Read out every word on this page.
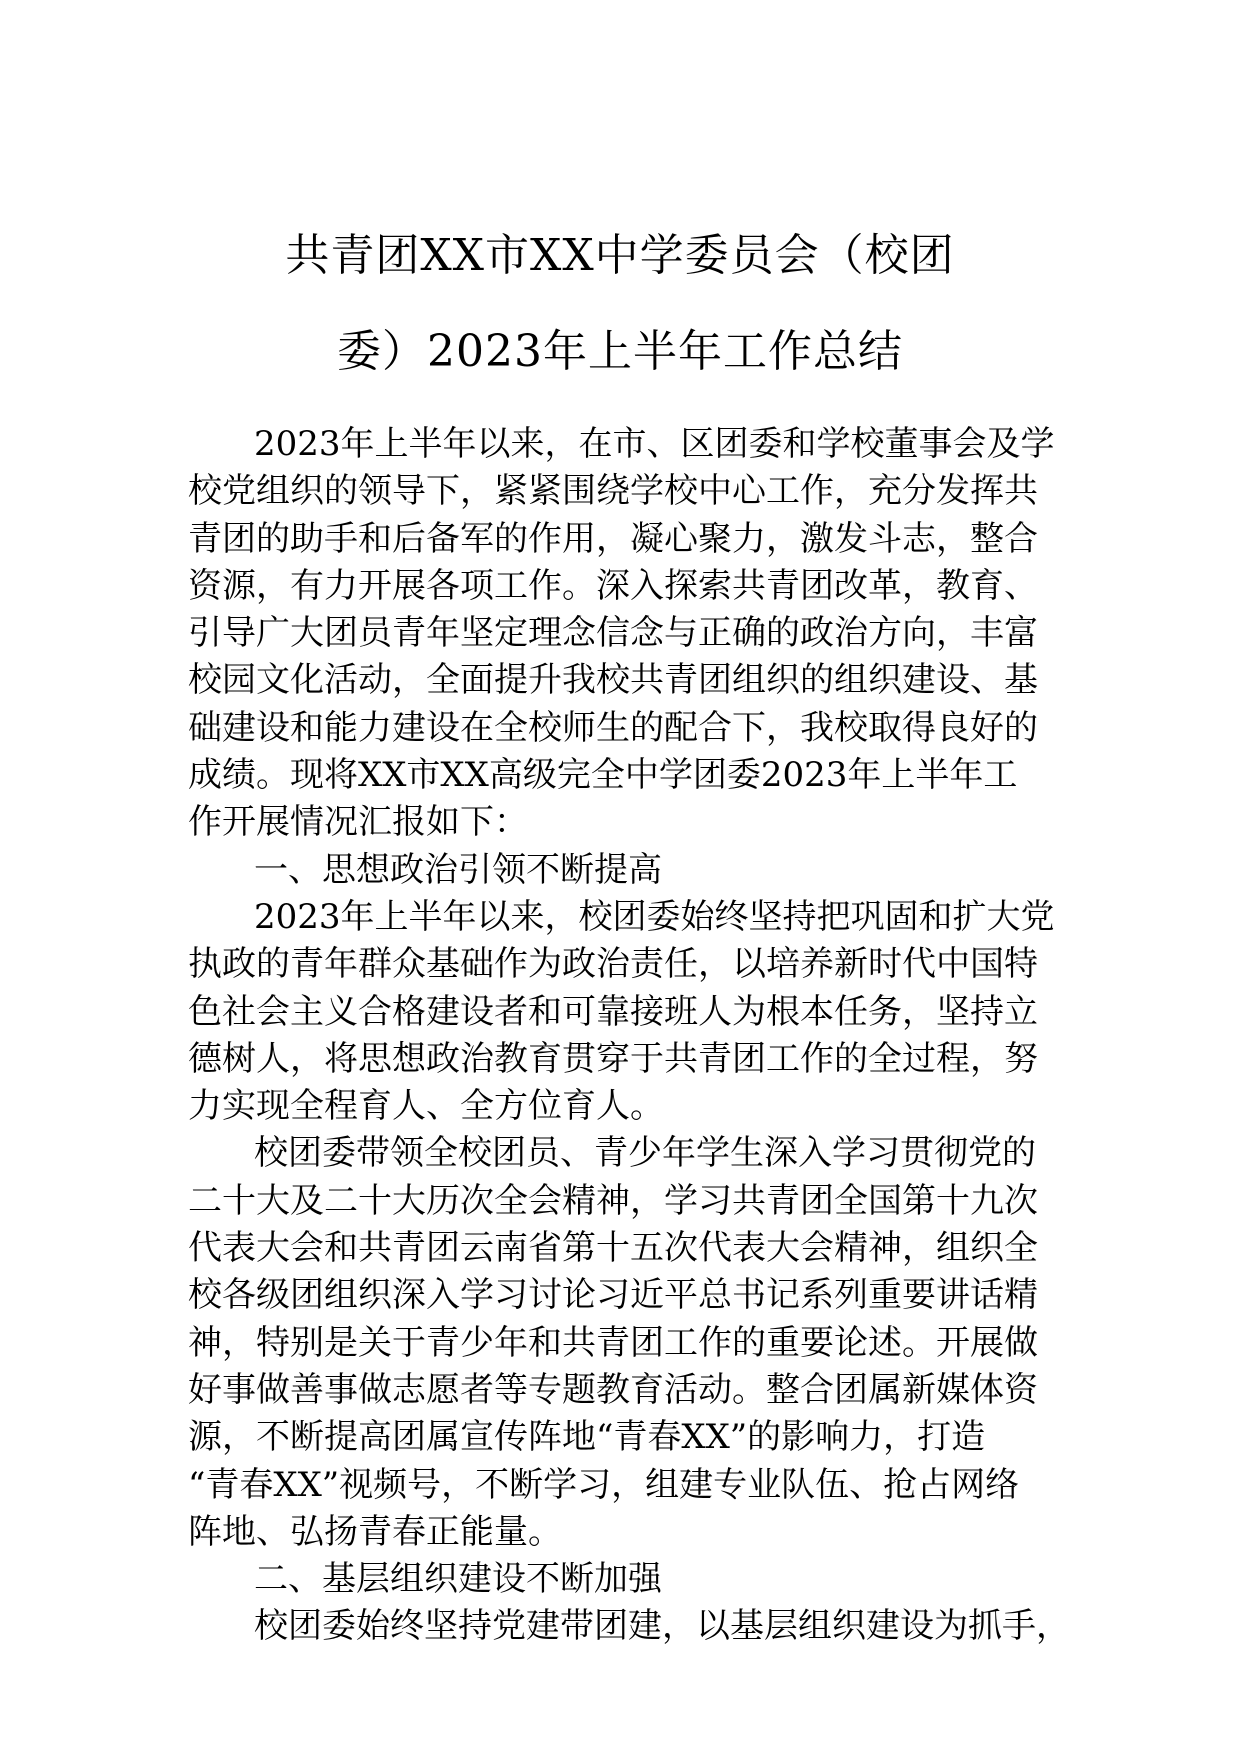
共青团XX市XX中学委员会（校团
委）2023年上半年工作总结
2023年上半年以来，在市、区团委和学校董事会及学
校党组织的领导下，紧紧围绕学校中心工作，充分发挥共
青团的助手和后备军的作用，凝心聚力，激发斗志，整合
资源，有力开展各项工作。深入探索共青团改革，教育、
引导广大团员青年坚定理念信念与正确的政治方向，丰富
校园文化活动，全面提升我校共青团组织的组织建设、基
础建设和能力建设在全校师生的配合下，我校取得良好的
成绩。现将XX市XX高级完全中学团委2023年上半年工
作开展情况汇报如下：
一、思想政治引领不断提高
2023年上半年以来，校团委始终坚持把巩固和扩大党
执政的青年群众基础作为政治责任，以培养新时代中国特
色社会主义合格建设者和可靠接班人为根本任务，坚持立
德树人，将思想政治教育贯穿于共青团工作的全过程，努
力实现全程育人、全方位育人。
校团委带领全校团员、青少年学生深入学习贯彻党的
二十大及二十大历次全会精神，学习共青团全国第十九次
代表大会和共青团云南省第十五次代表大会精神，组织全
校各级团组织深入学习讨论习近平总书记系列重要讲话精
神，特别是关于青少年和共青团工作的重要论述。开展做
好事做善事做志愿者等专题教育活动。整合团属新媒体资
源，不断提高团属宣传阵地“青春XX”的影响力，打造
“青春XX”视频号，不断学习，组建专业队伍、抢占网络
阵地、弘扬青春正能量。
二、基层组织建设不断加强
校团委始终坚持党建带团建，以基层组织建设为抓手，
